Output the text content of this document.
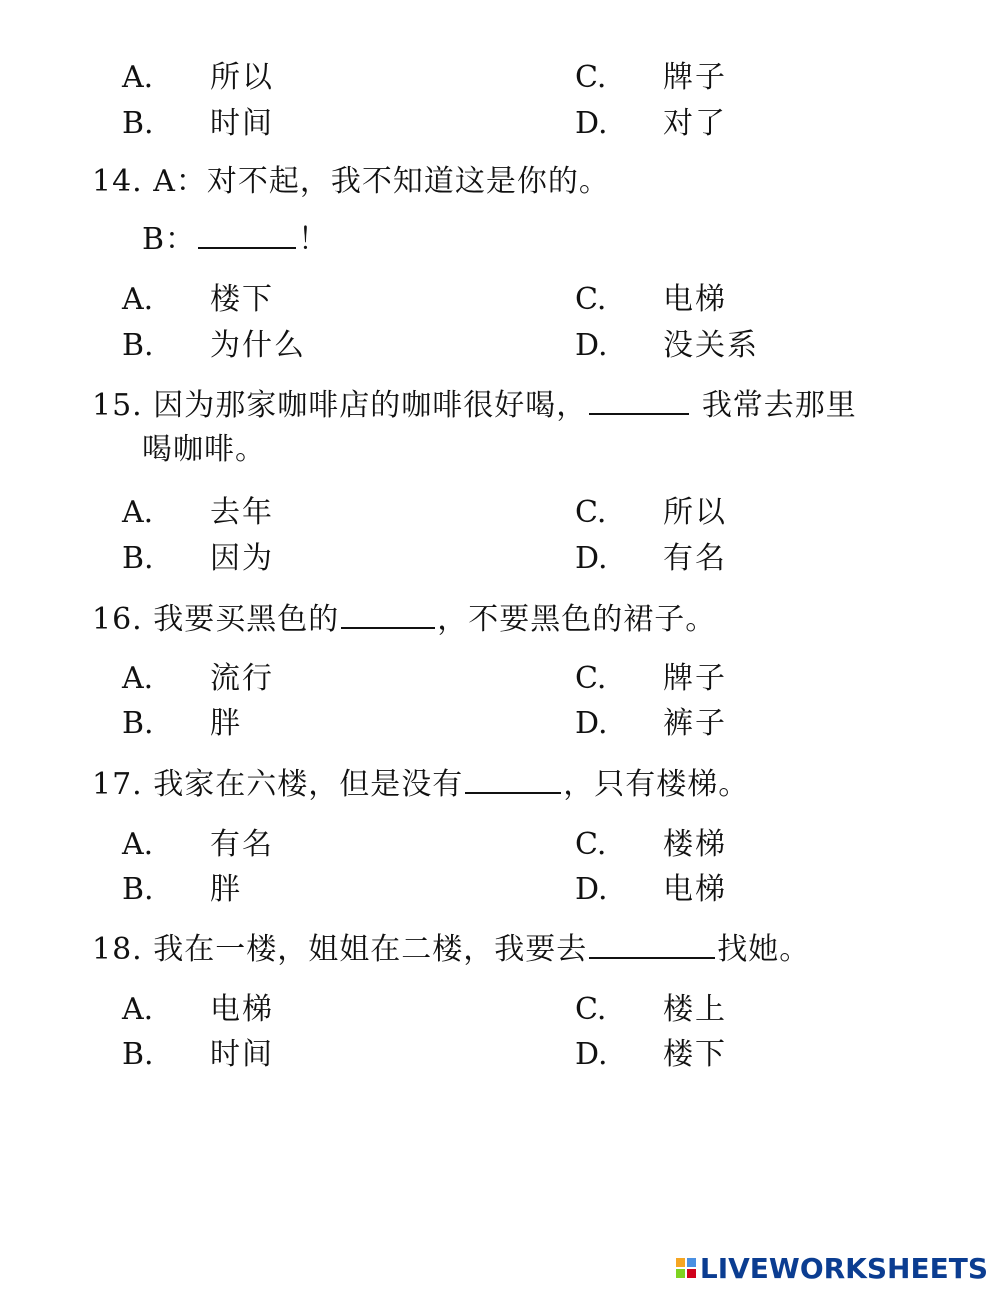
A. 所以	C. 牌子
B. 时间	D. 对了
14. A：对不起，我不知道这是你的。
B：	！
A. 楼下	C. 电梯
B. 为什么	D. 没关系
15. 因为那家咖啡店的咖啡很好喝，	我常去那里
喝咖啡。
A. 去年	C. 所以
B. 因为	D. 有名
16. 我要买黑色的	，不要黑色的裙子。
A. 流行	C. 牌子
B. 胖	D. 裤子
17. 我家在六楼，但是没有	，只有楼梯。
A. 有名	C. 楼梯
B. 胖	D. 电梯
18. 我在一楼，姐姐在二楼，我要去	找她。
A. 电梯	C. 楼上
B. 时间	D. 楼下
LIVEWORKSHEETS
